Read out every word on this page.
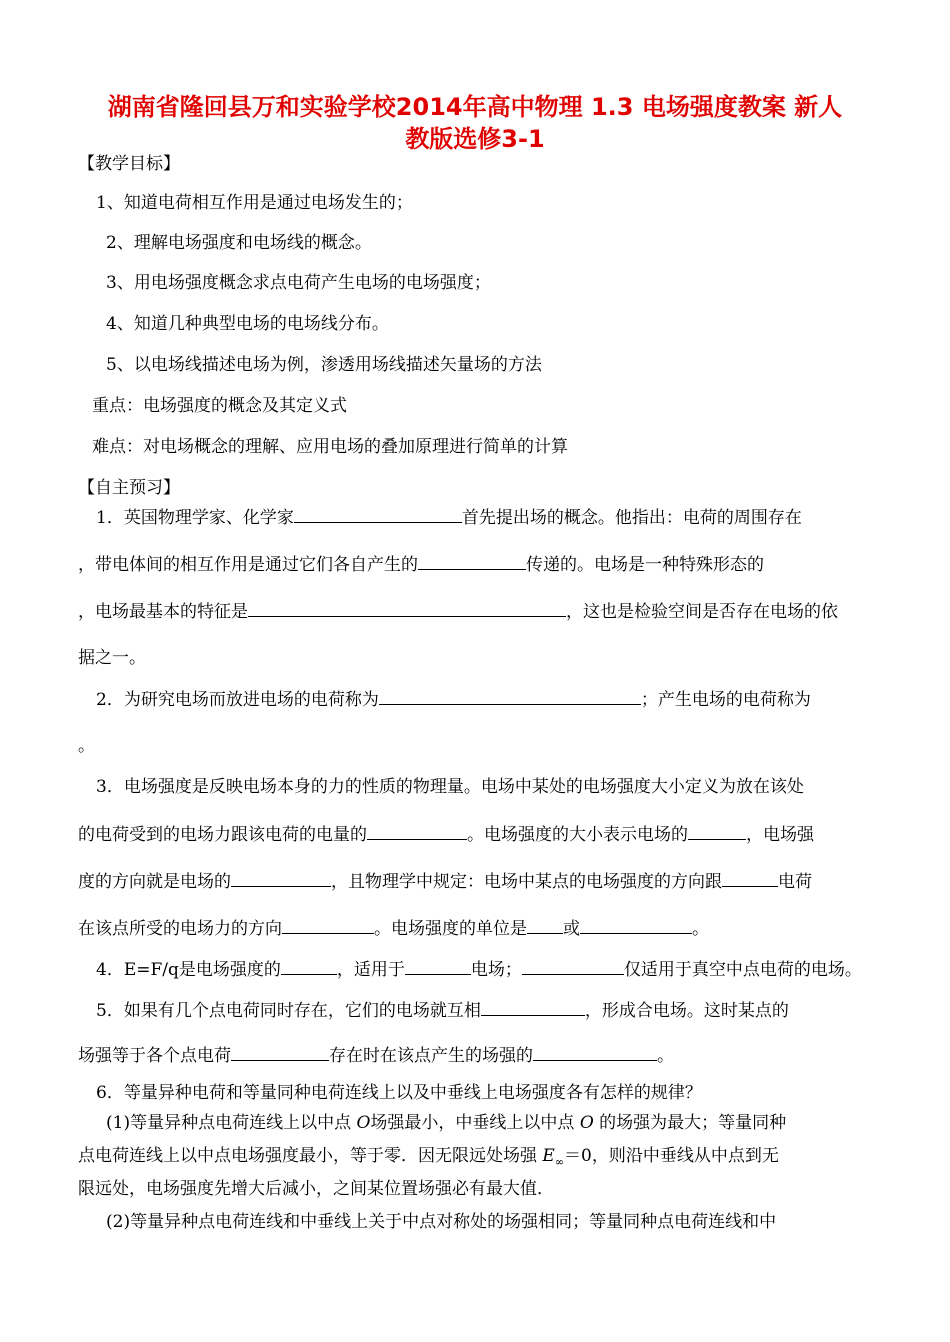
湖南省隆回县万和实验学校2014年高中物理 1.3 电场强度教案 新人
教版选修3-1
【教学目标】
1、知道电荷相互作用是通过电场发生的；
2、理解电场强度和电场线的概念。
3、用电场强度概念求点电荷产生电场的电场强度；
4、知道几种典型电场的电场线分布。
5、以电场线描述电场为例，渗透用场线描述矢量场的方法
重点：电场强度的概念及其定义式
难点：对电场概念的理解、应用电场的叠加原理进行简单的计算
【自主预习】
1．英国物理学家、化学家	首先提出场的概念。他指出：电荷的周围存在
，带电体间的相互作用是通过它们各自产生的	传递的。电场是一种特殊形态的
，电场最基本的特征是	，这也是检验空间是否存在电场的依
据之一。
2．为研究电场而放进电场的电荷称为	；产生电场的电荷称为
。
3．电场强度是反映电场本身的力的性质的物理量。电场中某处的电场强度大小定义为放在该处
的电荷受到的电场力跟该电荷的电量的	。电场强度的大小表示电场的	，电场强
度的方向就是电场的	，且物理学中规定：电场中某点的电场强度的方向跟	电荷
在该点所受的电场力的方向	。电场强度的单位是 或	。
4．E=F/q是电场强度的	，适用于	电场；	仅适用于真空中点电荷的电场。
5．如果有几个点电荷同时存在，它们的电场就互相	，形成合电场。这时某点的
场强等于各个点电荷	存在时在该点产生的场强的	。
6．等量异种电荷和等量同种电荷连线上以及中垂线上电场强度各有怎样的规律？
(1)等量异种点电荷连线上以中点 O场强最小，中垂线上以中点 O 的场强为最大；等量同种
点电荷连线上以中点电场强度最小，等于零．因无限远处场强 $E_\infty=0$，则沿中垂线从中点到无
限远处，电场强度先增大后减小，之间某位置场强必有最大值．
(2)等量异种点电荷连线和中垂线上关于中点对称处的场强相同；等量同种点电荷连线和中
